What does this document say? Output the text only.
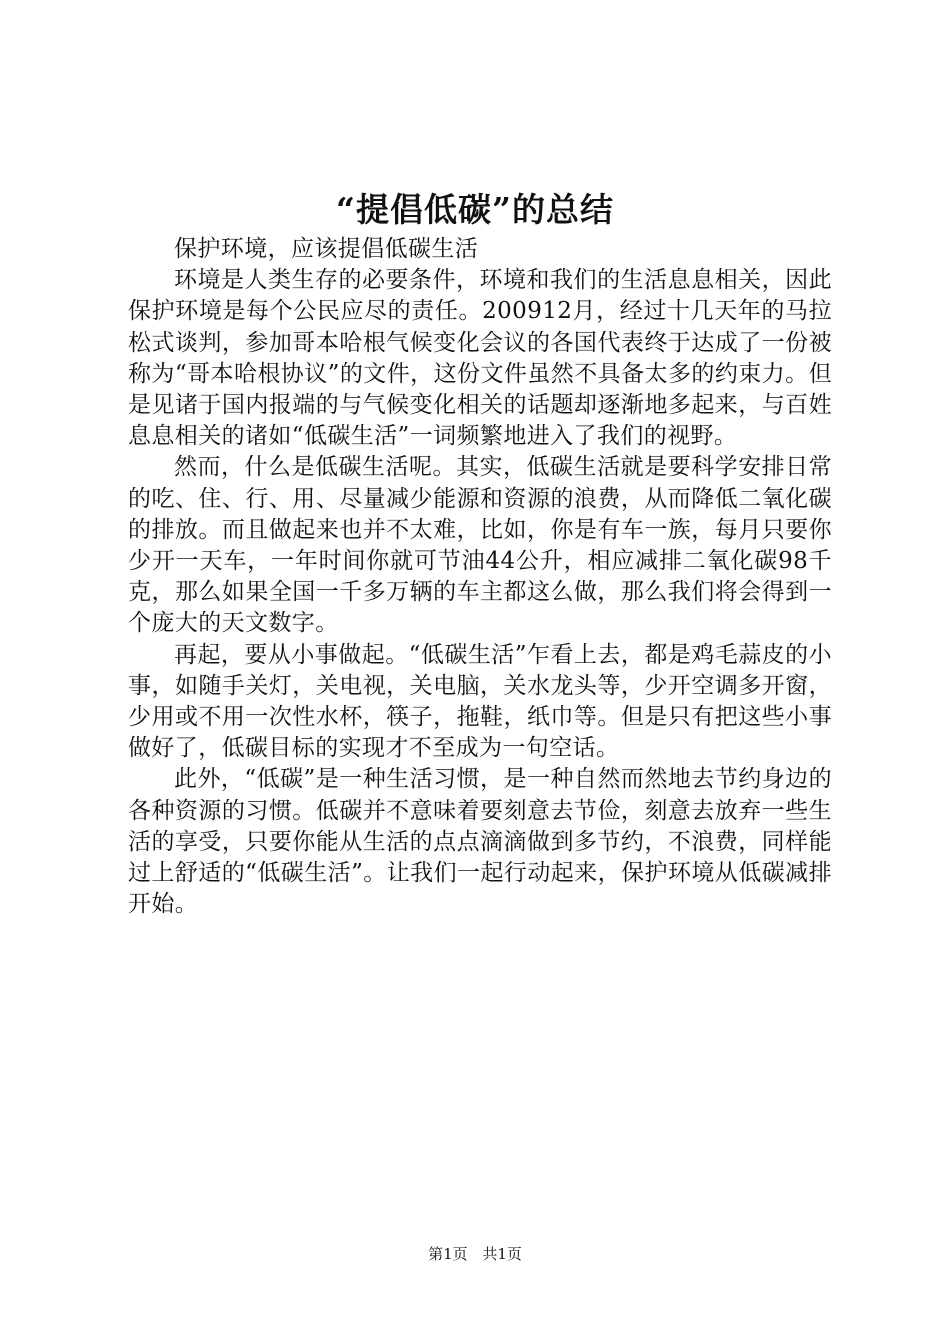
“提倡低碳”的总结

保护环境，应该提倡低碳生活

环境是人类生存的必要条件，环境和我们的生活息息相关，因此保护环境是每个公民应尽的责任。200912月，经过十几天年的马拉松式谈判，参加哥本哈根气候变化会议的各国代表终于达成了一份被称为“哥本哈根协议”的文件，这份文件虽然不具备太多的约束力。但是见诸于国内报端的与气候变化相关的话题却逐渐地多起来，与百姓息息相关的诸如“低碳生活”一词频繁地进入了我们的视野。

然而，什么是低碳生活呢。其实，低碳生活就是要科学安排日常的吃、住、行、用、尽量减少能源和资源的浪费，从而降低二氧化碳的排放。而且做起来也并不太难，比如，你是有车一族，每月只要你少开一天车，一年时间你就可节油44公升，相应减排二氧化碳98千克，那么如果全国一千多万辆的车主都这么做，那么我们将会得到一个庞大的天文数字。

再起，要从小事做起。“低碳生活”乍看上去，都是鸡毛蒜皮的小事，如随手关灯，关电视，关电脑，关水龙头等，少开空调多开窗，少用或不用一次性水杯，筷子，拖鞋，纸巾等。但是只有把这些小事做好了，低碳目标的实现才不至成为一句空话。

此外，“低碳”是一种生活习惯，是一种自然而然地去节约身边的各种资源的习惯。低碳并不意味着要刻意去节俭，刻意去放弃一些生活的享受，只要你能从生活的点点滴滴做到多节约，不浪费，同样能过上舒适的“低碳生活”。让我们一起行动起来，保护环境从低碳减排开始。

第1页 共1页
